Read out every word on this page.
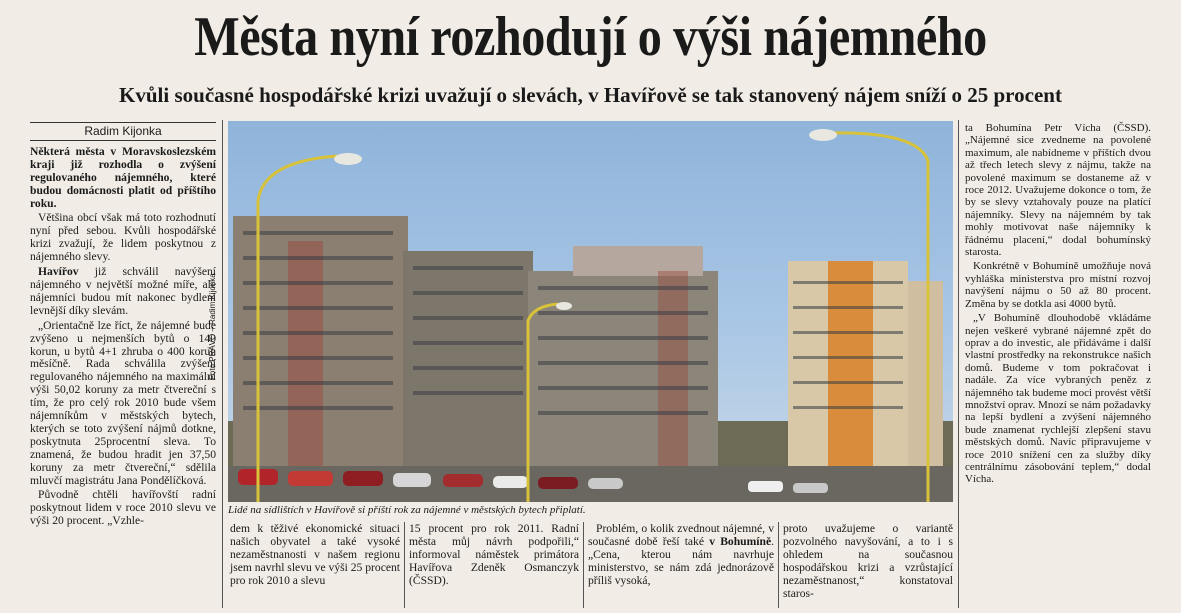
Města nyní rozhodují o výši nájemného
Kvůli současné hospodářské krizi uvažují o slevách, v Havířově se tak stanovený nájem sníží o 25 procent
Radim Kijonka

Některá města v Moravskoslezském kraji již rozhodla o zvýšení regulovaného nájemného, které budou domácnosti platit od příštího roku.

Většina obcí však má toto rozhodnutí nyní před sebou. Kvůli hospodářské krizi zvažují, že lidem poskytnou z nájemného slevy.

Havířov již schválil navýšení nájemného v největší možné míře, ale nájemníci budou mít nakonec bydlení levnější díky slevám.

„Orientačně lze říct, že nájemné bude zvýšeno u nejmenších bytů o 140 korun, u bytů 4+1 zhruba o 400 korun měsíčně. Rada schválila zvýšení regulovaného nájemného na maximální výši 50,02 koruny za metr čtvereční s tím, že pro celý rok 2010 bude všem nájemníkům v městských bytech, kterých se toto zvýšení nájmů dotkne, poskytnuta 25procentní sleva. To znamená, že budou hradit jen 37,50 koruny za metr čtvereční,“ sdělila mluvčí magistrátu Jana Pondělíčková.

Původně chtěli havířovští radní poskytnout lidem v roce 2010 slevu ve výši 20 procent. „Vzhle-

Foto PRÁVO – Radim Kijonka
Lidé na sídlištích v Havířově si příští rok za nájemné v městských bytech připlatí.

dem k těživé ekonomické situaci našich obyvatel a také vysoké nezaměstnanosti v našem regionu jsem navrhl slevu ve výši 25 procent pro rok 2010 a slevu

15 procent pro rok 2011. Radní města můj návrh podpořili,“ informoval náměstek primátora Havířova Zdeněk Osmanczyk (ČSSD).

Problém, o kolik zvednout nájemné, v současné době řeší také v Bohumíně. „Cena, kterou nám navrhuje ministerstvo, se nám zdá jednorázově příliš vysoká,

proto uvažujeme o variantě pozvolného navyšování, a to i s ohledem na současnou hospodářskou krizi a vzrůstající nezaměstnanost,“ konstatoval staros-

ta Bohumína Petr Vícha (ČSSD). „Nájemné sice zvedneme na povolené maximum, ale nabídneme v příštích dvou až třech letech slevy z nájmu, takže na povolené maximum se dostaneme až v roce 2012. Uvažujeme dokonce o tom, že by se slevy vztahovaly pouze na platící nájemníky. Slevy na nájemném by tak mohly motivovat naše nájemníky k řádnému placení,“ dodal bohumínský starosta.

Konkrétně v Bohumíně umožňuje nová vyhláška ministerstva pro místní rozvoj navýšení nájmu o 50 až 80 procent. Změna by se dotkla asi 4000 bytů.

„V Bohumíně dlouhodobě vkládáme nejen veškeré vybrané nájemné zpět do oprav a do investic, ale přidáváme i další vlastní prostředky na rekonstrukce našich domů. Budeme v tom pokračovat i nadále. Za více vybraných peněz z nájemného tak budeme moci provést větší množství oprav. Mnozí se nám požadavky na lepší bydlení a zvýšení nájemného bude znamenat rychlejší zlepšení stavu městských domů. Navíc připravujeme v roce 2010 snížení cen za služby díky centrálnímu zásobování teplem,“ dodal Vícha.
